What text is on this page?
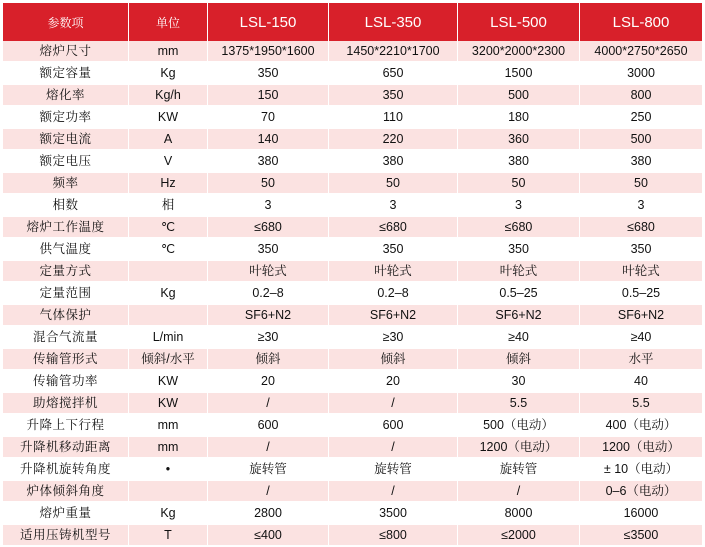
参数项	单位	LSL-150	LSL-350	LSL-500	LSL-800
熔炉尺寸	mm	1375*1950*1600	1450*2210*1700	3200*2000*2300	4000*2750*2650
额定容量	Kg	350	650	1500	3000
熔化率	Kg/h	150	350	500	800
额定功率	KW	70	110	180	250
额定电流	A	140	220	360	500
额定电压	V	380	380	380	380
频率	Hz	50	50	50	50
相数	相	3	3	3	3
熔炉工作温度	℃	≤680	≤680	≤680	≤680
供气温度	℃	350	350	350	350
定量方式		叶轮式	叶轮式	叶轮式	叶轮式
定量范围	Kg	0.2–8	0.2–8	0.5–25	0.5–25
气体保护		SF6+N2	SF6+N2	SF6+N2	SF6+N2
混合气流量	L/min	≥30	≥30	≥40	≥40
传输管形式	倾斜/水平	倾斜	倾斜	倾斜	水平
传输管功率	KW	20	20	30	40
助熔搅拌机	KW	/	/	5.5	5.5
升降上下行程	mm	600	600	500（电动）	400（电动）
升降机移动距离	mm	/	/	1200（电动）	1200（电动）
升降机旋转角度	•	旋转管	旋转管	旋转管	± 10（电动）
炉体倾斜角度		/	/	/	0–6（电动）
熔炉重量	Kg	2800	3500	8000	16000
适用压铸机型号	T	≤400	≤800	≤2000	≤3500
